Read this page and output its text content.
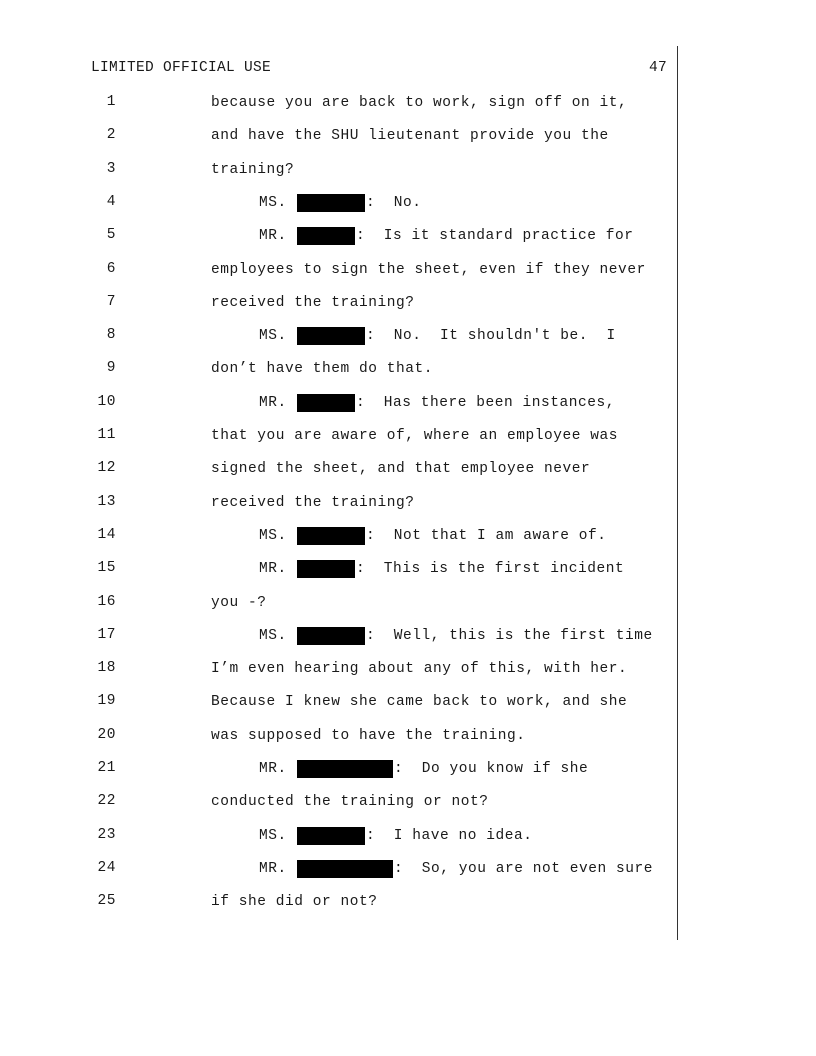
LIMITED OFFICIAL USE	47
1	because you are back to work, sign off on it,
2	and have the SHU lieutenant provide you the
3	training?
4	MS.	:  No.
5	MR.	:  Is it standard practice for
6	employees to sign the sheet, even if they never
7	received the training?
8	MS.	:  No.  It shouldn't be.  I
9	don’t have them do that.
10	MR.	:  Has there been instances,
11	that you are aware of, where an employee was
12	signed the sheet, and that employee never
13	received the training?
14	MS.	:  Not that I am aware of.
15	MR.	:  This is the first incident
16	you -?
17	MS.	:  Well, this is the first time
18	I’m even hearing about any of this, with her.
19	Because I knew she came back to work, and she
20	was supposed to have the training.
21	MR.	:  Do you know if she
22	conducted the training or not?
23	MS.	:  I have no idea.
24	MR.	:  So, you are not even sure
25	if she did or not?
